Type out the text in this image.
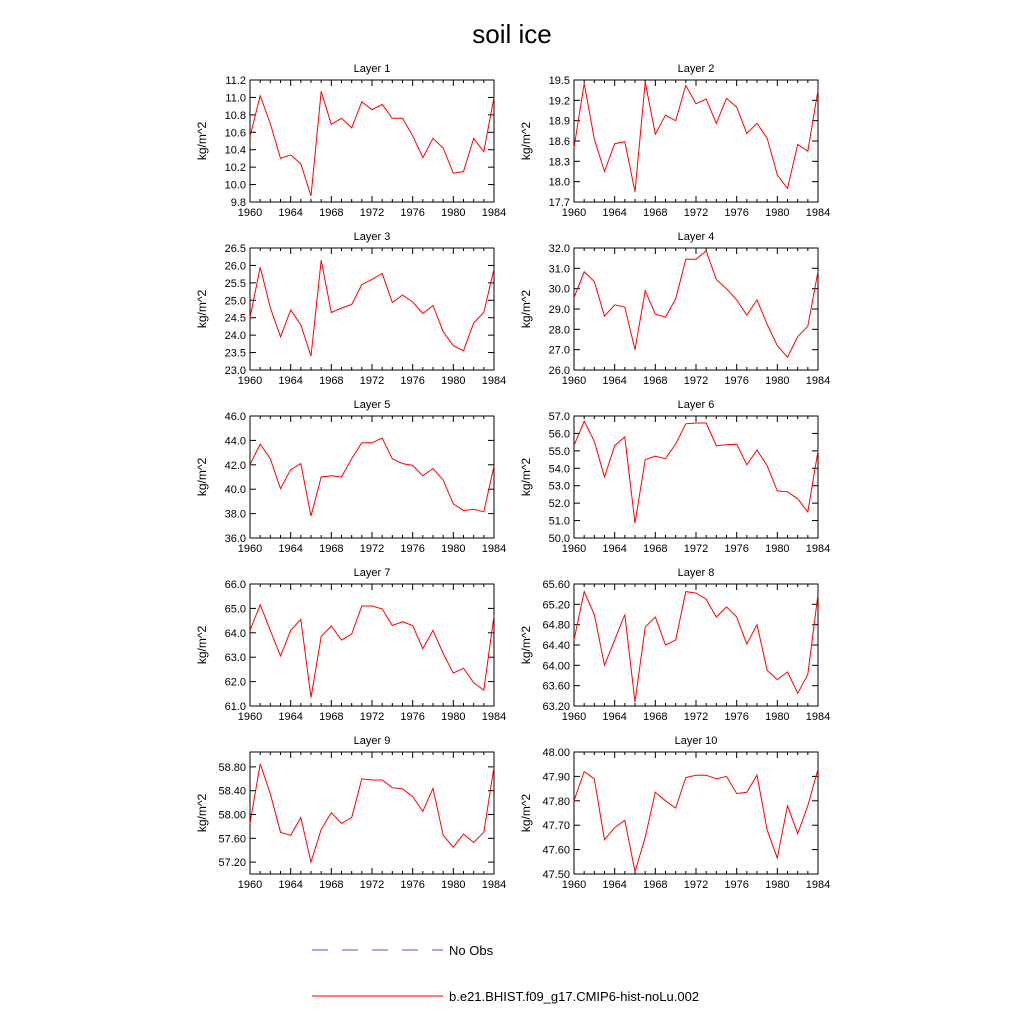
soil ice
Layer 1
kg/m^2
11.2
11.0
10.8
10.6
10.4
10.2
10.0
9.8
1960 1964 1968 1972 1976 1980 1984
Layer 2
kg/m^2
19.5
19.2
18.9
18.6
18.3
18.0
17.7
1960 1964 1968 1972 1976 1980 1984
Layer 3
kg/m^2
26.5
26.0
25.5
25.0
24.5
24.0
23.5
23.0
1960 1964 1968 1972 1976 1980 1984
Layer 4
kg/m^2
32.0
31.0
30.0
29.0
28.0
27.0
26.0
1960 1964 1968 1972 1976 1980 1984
Layer 5
kg/m^2
46.0
44.0
42.0
40.0
38.0
36.0
1960 1964 1968 1972 1976 1980 1984
Layer 6
kg/m^2
57.0
56.0
55.0
54.0
53.0
52.0
51.0
50.0
1960 1964 1968 1972 1976 1980 1984
Layer 7
kg/m^2
66.0
65.0
64.0
63.0
62.0
61.0
1960 1964 1968 1972 1976 1980 1984
Layer 8
kg/m^2
65.60
65.20
64.80
64.40
64.00
63.60
63.20
1960 1964 1968 1972 1976 1980 1984
Layer 9
kg/m^2
58.80
58.40
58.00
57.60
57.20
1960 1964 1968 1972 1976 1980 1984
Layer 10
kg/m^2
48.00
47.90
47.80
47.70
47.60
47.50
1960 1964 1968 1972 1976 1980 1984
No Obs
b.e21.BHIST.f09_g17.CMIP6-hist-noLu.002
